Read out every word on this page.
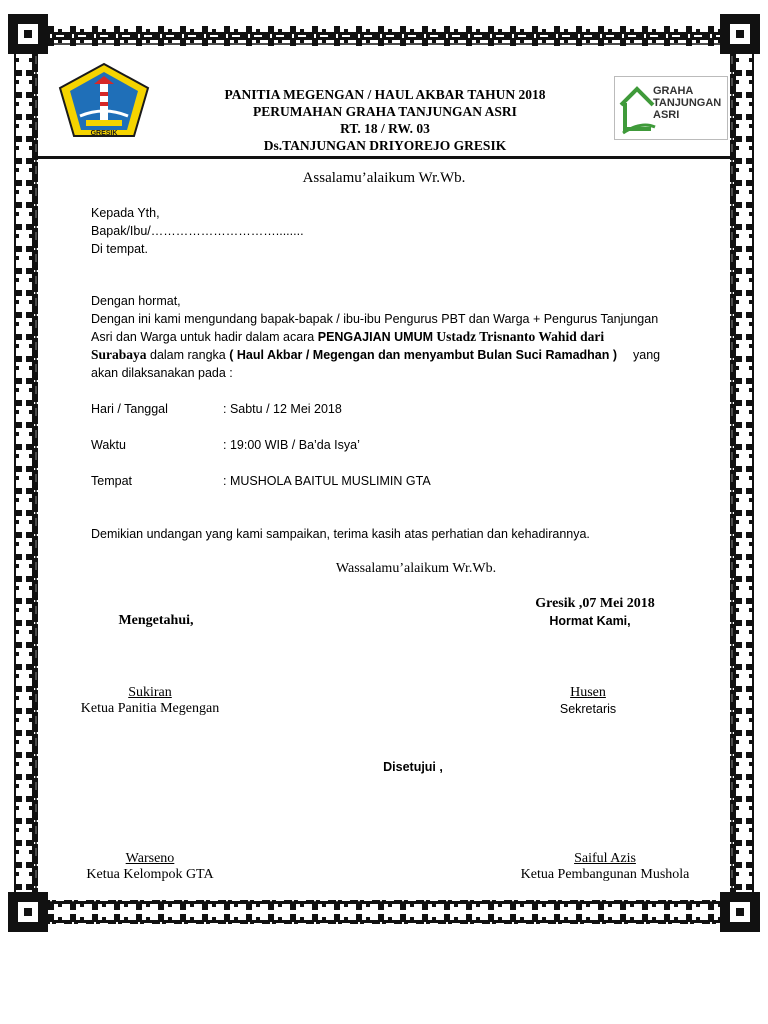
GRESIK
GRAHA
TANJUNGAN
ASRI
PANITIA MEGENGAN / HAUL AKBAR TAHUN 2018
PERUMAHAN GRAHA TANJUNGAN ASRI
RT. 18 / RW. 03
Ds.TANJUNGAN DRIYOREJO GRESIK
Assalamu’alaikum Wr.Wb.
Kepada Yth,
Bapak/Ibu/…………………………........
Di tempat.
Dengan hormat,
Dengan ini kami mengundang bapak-bapak / ibu-ibu Pengurus PBT dan Warga + Pengurus Tanjungan
Asri dan Warga untuk hadir dalam acara PENGAJIAN UMUM Ustadz Trisnanto Wahid dari
Surabaya dalam rangka ( Haul Akbar / Megengan dan menyambut Bulan Suci Ramadhan ) yang
akan dilaksanakan pada :
Hari / Tanggal	: Sabtu / 12 Mei 2018
Waktu	: 19:00 WIB / Ba’da Isya’
Tempat	: MUSHOLA BAITUL MUSLIMIN GTA
Demikian undangan yang kami sampaikan, terima kasih atas perhatian dan kehadirannya.
Wassalamu’alaikum Wr.Wb.
Gresik ,07 Mei 2018
Mengetahui,	Hormat Kami,
Sukiran
Ketua Panitia Megengan
Husen
Sekretaris
Disetujui ,
Warseno
Ketua Kelompok GTA
Saiful Azis
Ketua Pembangunan Mushola
